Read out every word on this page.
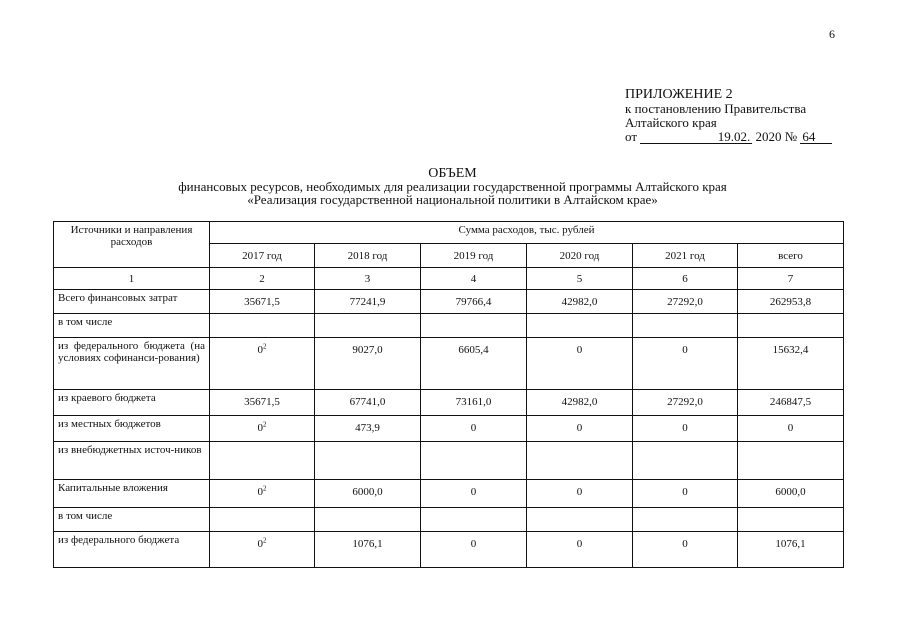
6
ПРИЛОЖЕНИЕ 2
к постановлению Правительства
Алтайского края
от	19.02. 2020 № 64
ОБЪЕМ
финансовых ресурсов, необходимых для реализации государственной программы Алтайского края
«Реализация государственной национальной политики в Алтайском крае»
Источники и направления расходов	Сумма расходов, тыс. рублей					
	2017 год	2018 год	2019 год	2020 год	2021 год	всего
1	2	3	4	5	6	7
Всего финансовых затрат	35671,5	77241,9	79766,4	42982,0	27292,0	262953,8
в том числе						
из федерального бюджета (на условиях софинанси-рования)	$0^2$	9027,0	6605,4	0	0	15632,4
из краевого бюджета	35671,5	67741,0	73161,0	42982,0	27292,0	246847,5
из местных бюджетов	$0^2$	473,9	0	0	0	0
из внебюджетных источ-ников						
Капитальные вложения	$0^2$	6000,0	0	0	0	6000,0
в том числе						
из федерального бюджета	$0^2$	1076,1	0	0	0	1076,1
